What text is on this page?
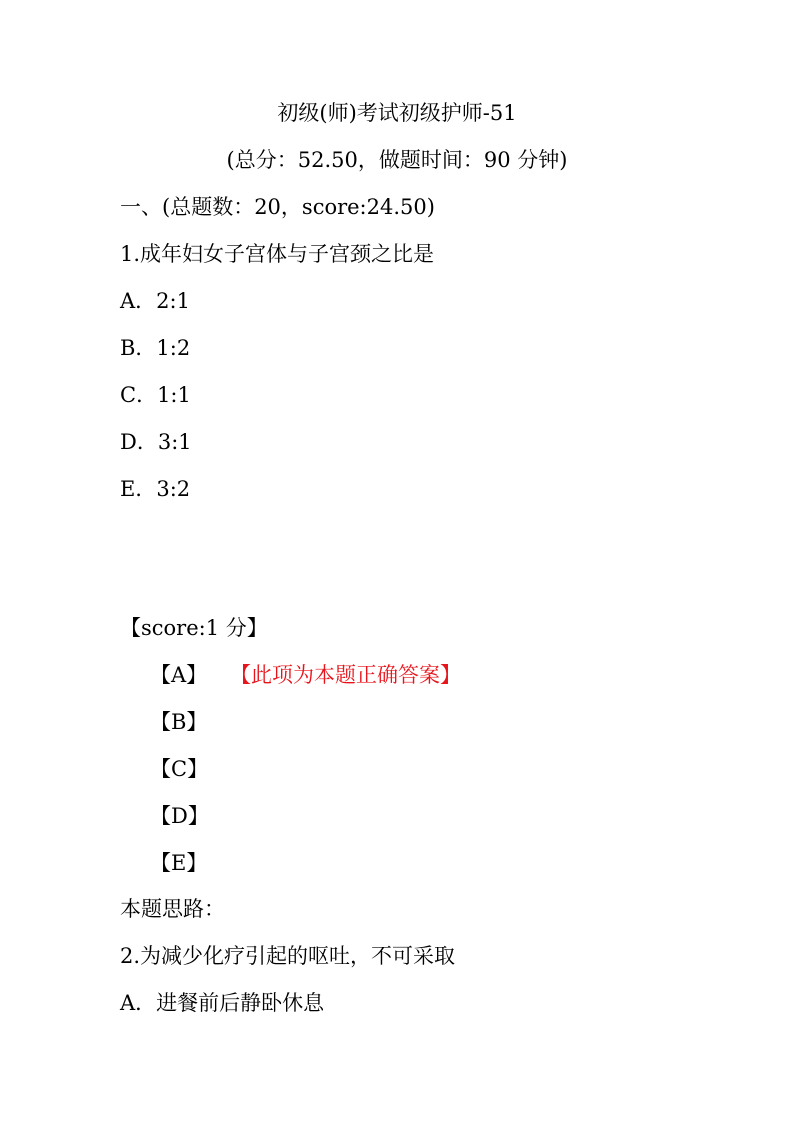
初级(师)考试初级护师-51
(总分：52.50，做题时间：90 分钟)
一、(总题数：20，score:24.50)
1.成年妇女子宫体与子宫颈之比是
A．2:1
B．1:2
C．1:1
D．3:1
E．3:2
【score:1 分】
【A】 【此项为本题正确答案】
【B】
【C】
【D】
【E】
本题思路：
2.为减少化疗引起的呕吐，不可采取
A．进餐前后静卧休息
